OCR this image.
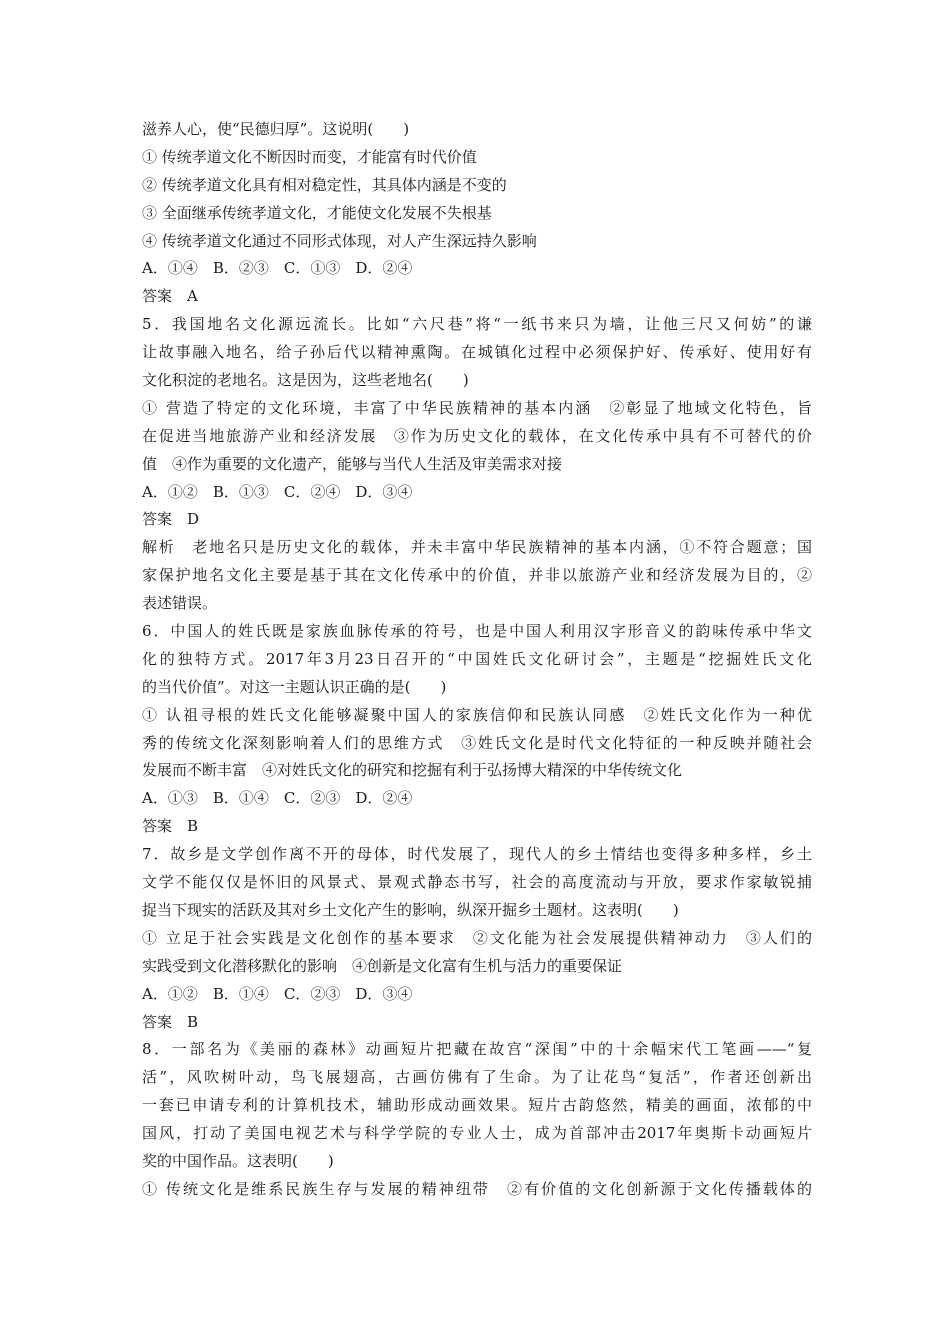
滋养人心，使“民德归厚”。这说明(　　)
① 传统孝道文化不断因时而变，才能富有时代价值
② 传统孝道文化具有相对稳定性，其具体内涵是不变的
③ 全面继承传统孝道文化，才能使文化发展不失根基
④ 传统孝道文化通过不同形式体现，对人产生深远持久影响
A．①④　B．②③　C．①③　D．②④
答案　A
5．我国地名文化源远流长。比如“六尺巷”将“一纸书来只为墙，让他三尺又何妨”的谦
让故事融入地名，给子孙后代以精神熏陶。在城镇化过程中必须保护好、传承好、使用好有
文化积淀的老地名。这是因为，这些老地名(　　)
① 营造了特定的文化环境，丰富了中华民族精神的基本内涵　②彰显了地域文化特色，旨
在促进当地旅游产业和经济发展　③作为历史文化的载体，在文化传承中具有不可替代的价
值　④作为重要的文化遗产，能够与当代人生活及审美需求对接
A．①②　B．①③　C．②④　D．③④
答案　D
解析　老地名只是历史文化的载体，并未丰富中华民族精神的基本内涵，①不符合题意；国
家保护地名文化主要是基于其在文化传承中的价值，并非以旅游产业和经济发展为目的，②
表述错误。
6．中国人的姓氏既是家族血脉传承的符号，也是中国人利用汉字形音义的韵味传承中华文
化的独特方式。2017年3月23日召开的“中国姓氏文化研讨会”，主题是“挖掘姓氏文化
的当代价值”。对这一主题认识正确的是(　　)
① 认祖寻根的姓氏文化能够凝聚中国人的家族信仰和民族认同感　②姓氏文化作为一种优
秀的传统文化深刻影响着人们的思维方式　③姓氏文化是时代文化特征的一种反映并随社会
发展而不断丰富　④对姓氏文化的研究和挖掘有利于弘扬博大精深的中华传统文化
A．①③　B．①④　C．②③　D．②④
答案　B
7．故乡是文学创作离不开的母体，时代发展了，现代人的乡土情结也变得多种多样，乡土
文学不能仅仅是怀旧的风景式、景观式静态书写，社会的高度流动与开放，要求作家敏锐捕
捉当下现实的活跃及其对乡土文化产生的影响，纵深开掘乡土题材。这表明(　　)
① 立足于社会实践是文化创作的基本要求　②文化能为社会发展提供精神动力　③人们的
实践受到文化潜移默化的影响　④创新是文化富有生机与活力的重要保证
A．①②　B．①④　C．②③　D．③④
答案　B
8．一部名为《美丽的森林》动画短片把藏在故宫“深闺”中的十余幅宋代工笔画——“复
活”，风吹树叶动，鸟飞展翅高，古画仿佛有了生命。为了让花鸟“复活”，作者还创新出
一套已申请专利的计算机技术，辅助形成动画效果。短片古韵悠然，精美的画面，浓郁的中
国风，打动了美国电视艺术与科学学院的专业人士，成为首部冲击2017年奥斯卡动画短片
奖的中国作品。这表明(　　)
① 传统文化是维系民族生存与发展的精神纽带　②有价值的文化创新源于文化传播载体的
